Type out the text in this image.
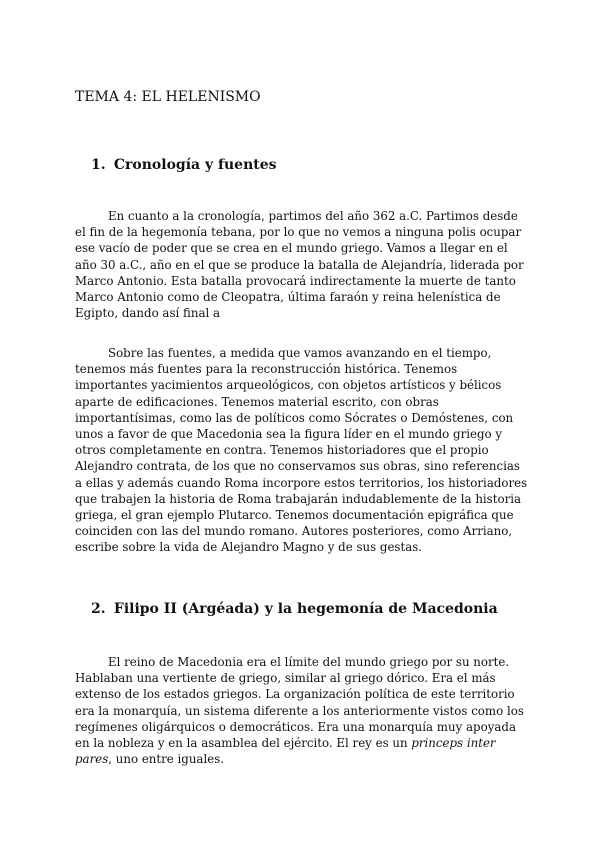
TEMA 4: EL HELENISMO
1. Cronología y fuentes

En cuanto a la cronología, partimos del año 362 a.C. Partimos desde el fin de la hegemonía tebana, por lo que no vemos a ninguna polis ocupar ese vacío de poder que se crea en el mundo griego. Vamos a llegar en el año 30 a.C., año en el que se produce la batalla de Alejandría, liderada por Marco Antonio. Esta batalla provocará indirectamente la muerte de tanto Marco Antonio como de Cleopatra, última faraón y reina helenística de Egipto, dando así final a

Sobre las fuentes, a medida que vamos avanzando en el tiempo, tenemos más fuentes para la reconstrucción histórica. Tenemos importantes yacimientos arqueológicos, con objetos artísticos y bélicos aparte de edificaciones. Tenemos material escrito, con obras importantísimas, como las de políticos como Sócrates o Demóstenes, con unos a favor de que Macedonia sea la figura líder en el mundo griego y otros completamente en contra. Tenemos historiadores que el propio Alejandro contrata, de los que no conservamos sus obras, sino referencias a ellas y además cuando Roma incorpore estos territorios, los historiadores que trabajen la historia de Roma trabajarán indudablemente de la historia griega, el gran ejemplo Plutarco. Tenemos documentación epigráfica que coinciden con las del mundo romano. Autores posteriores, como Arriano, escribe sobre la vida de Alejandro Magno y de sus gestas.

2. Filipo II (Argéada) y la hegemonía de Macedonia

El reino de Macedonia era el límite del mundo griego por su norte. Hablaban una vertiente de griego, similar al griego dórico. Era el más extenso de los estados griegos. La organización política de este territorio era la monarquía, un sistema diferente a los anteriormente vistos como los regímenes oligárquicos o democráticos. Era una monarquía muy apoyada en la nobleza y en la asamblea del ejército. El rey es un princeps inter pares, uno entre iguales.
